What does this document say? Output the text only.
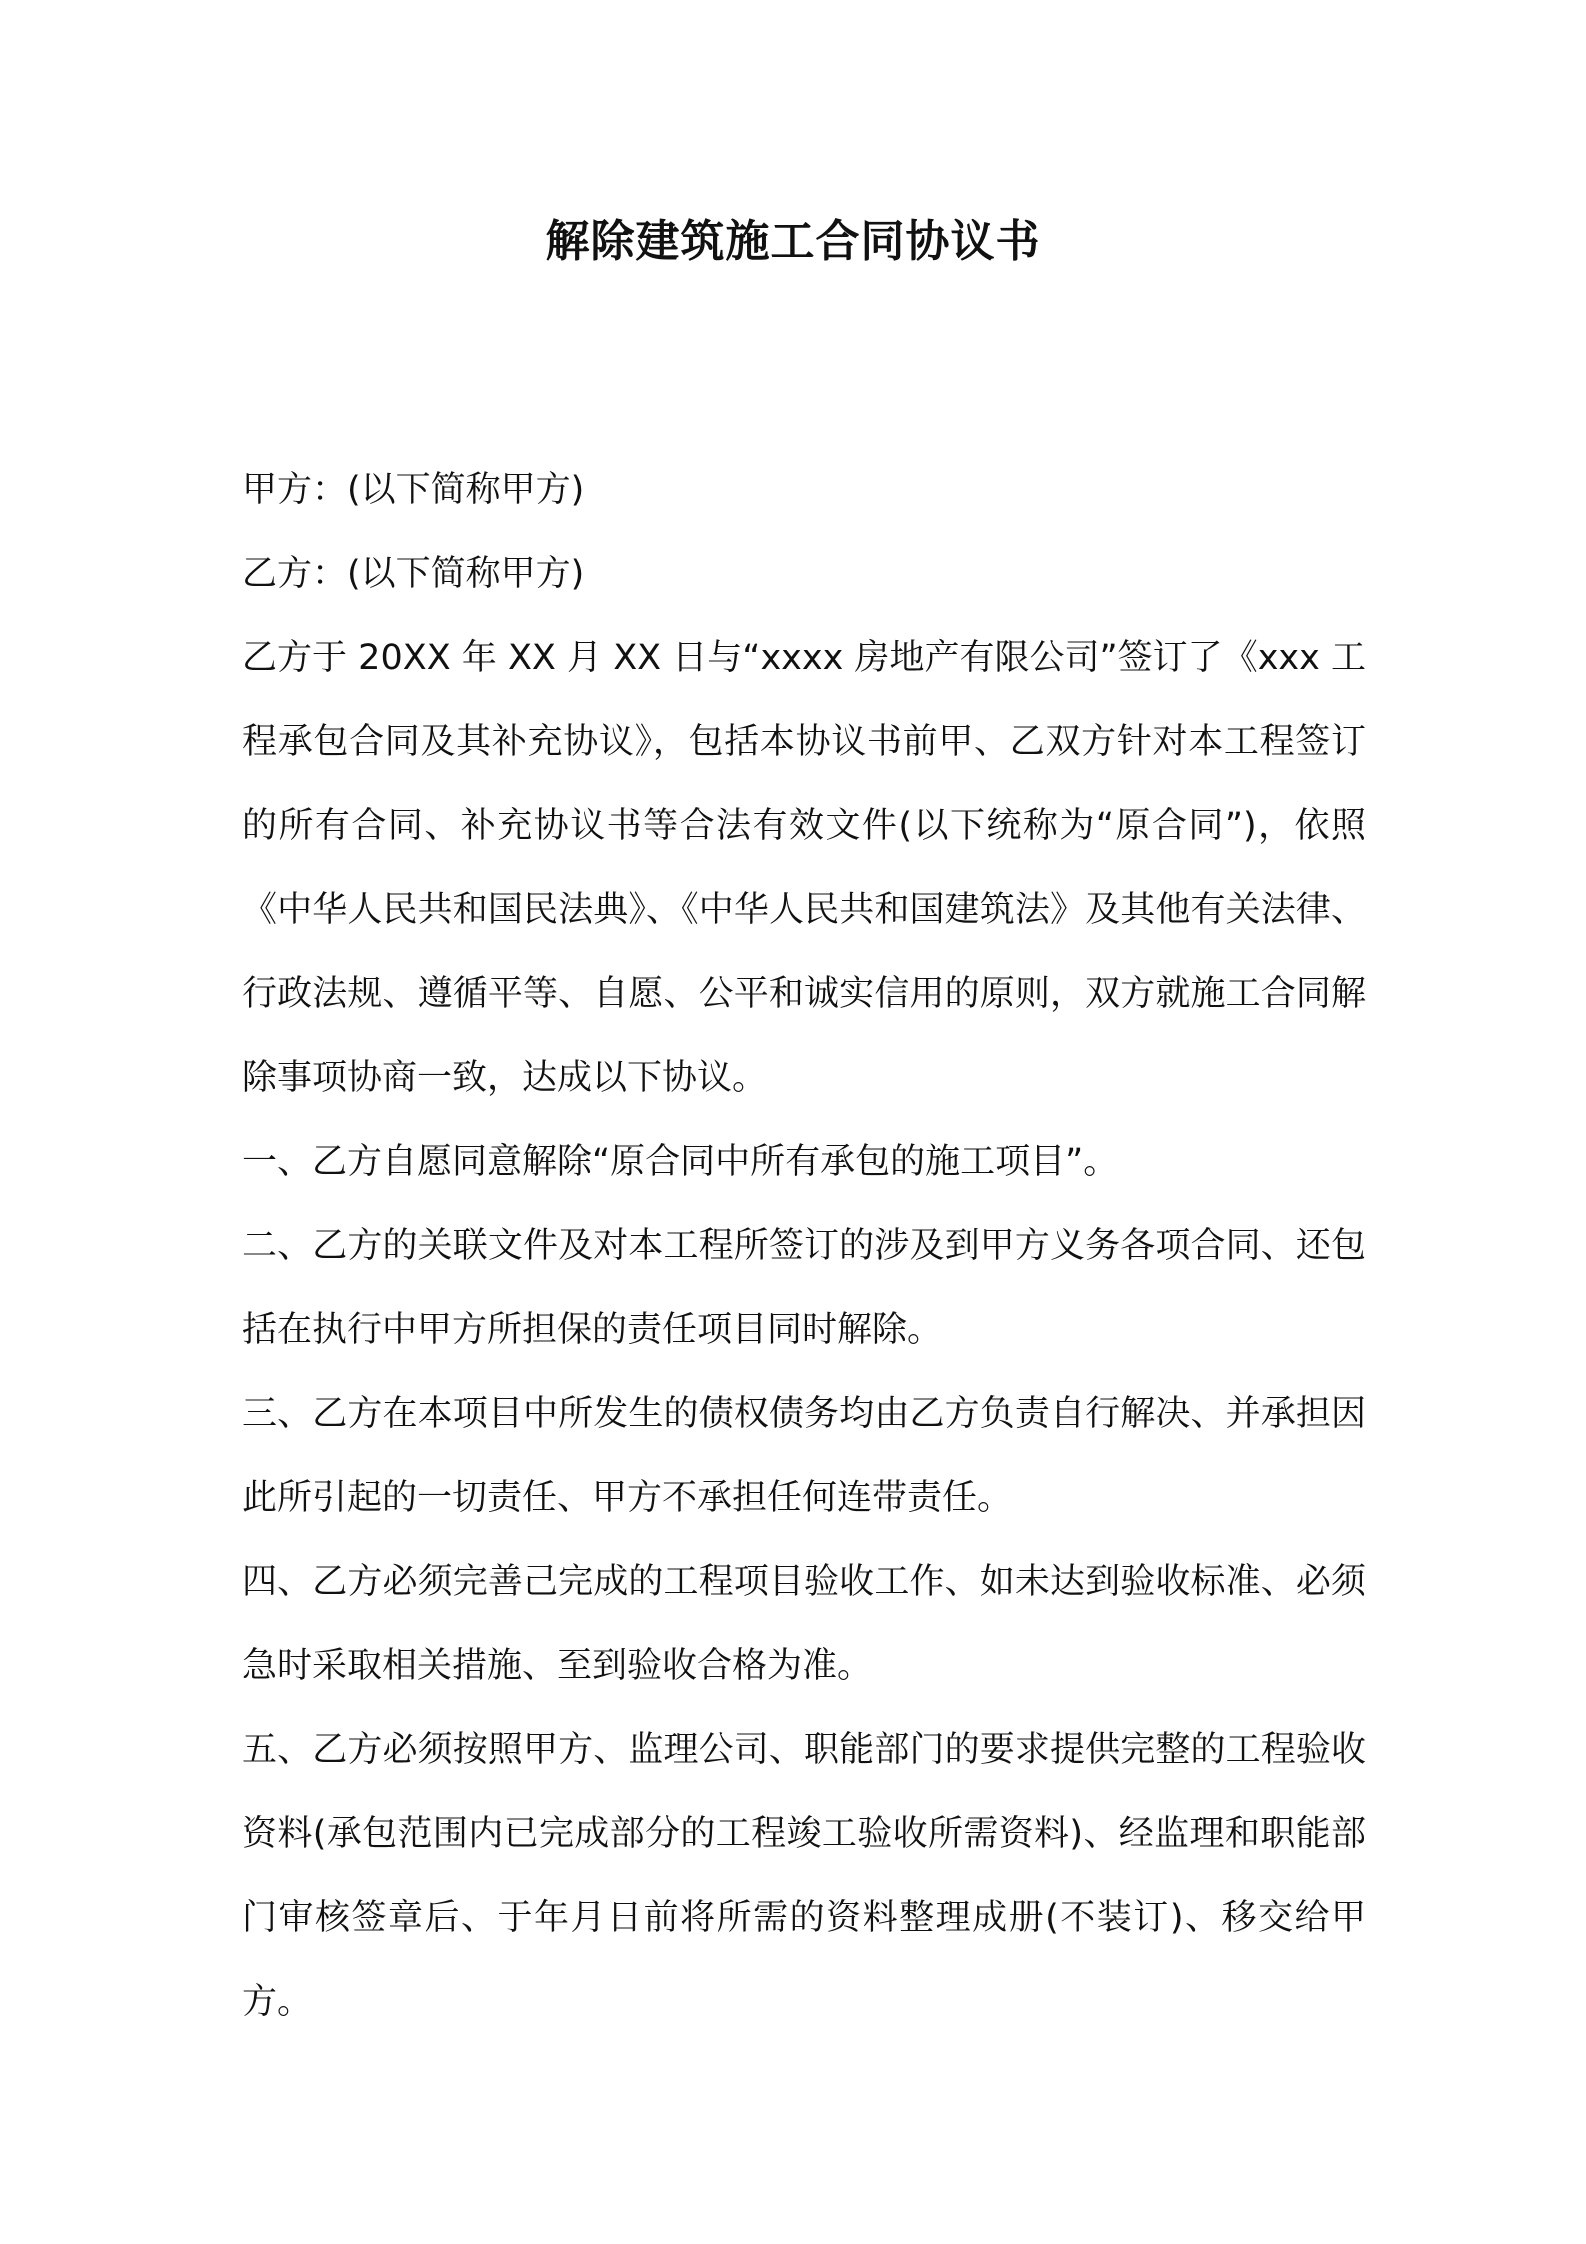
解除建筑施工合同协议书

甲方：(以下简称甲方)

乙方：(以下简称甲方)

乙方于 20XX 年 XX 月 XX 日与“xxxx 房地产有限公司”签订了《xxx 工程承包合同及其补充协议》，包括本协议书前甲、乙双方针对本工程签订的所有合同、补充协议书等合法有效文件(以下统称为“原合同”)，依照《中华人民共和国民法典》、《中华人民共和国建筑法》及其他有关法律、行政法规、遵循平等、自愿、公平和诚实信用的原则，双方就施工合同解除事项协商一致，达成以下协议。

一、乙方自愿同意解除“原合同中所有承包的施工项目”。

二、乙方的关联文件及对本工程所签订的涉及到甲方义务各项合同、还包括在执行中甲方所担保的责任项目同时解除。

三、乙方在本项目中所发生的债权债务均由乙方负责自行解决、并承担因此所引起的一切责任、甲方不承担任何连带责任。

四、乙方必须完善己完成的工程项目验收工作、如未达到验收标准、必须急时采取相关措施、至到验收合格为准。

五、乙方必须按照甲方、监理公司、职能部门的要求提供完整的工程验收资料(承包范围内已完成部分的工程竣工验收所需资料)、经监理和职能部门审核签章后、于年月日前将所需的资料整理成册(不装订)、移交给甲方。
